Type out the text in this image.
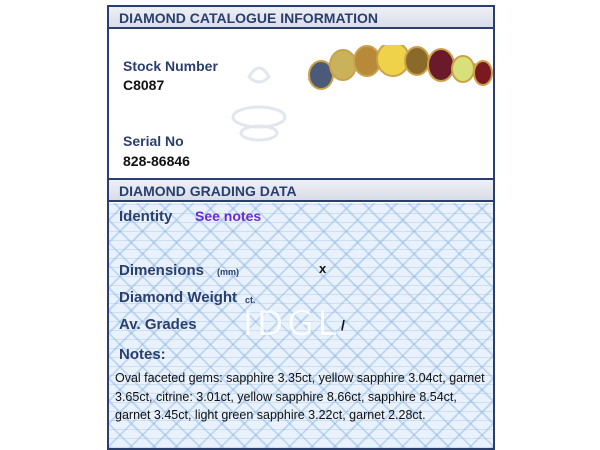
DIAMOND CATALOGUE INFORMATION
Stock Number
C8087
Serial No
828-86846
DIAMOND GRADING DATA
IDGL
Identity See notes
Dimensions (mm)	x
Diamond Weight ct.
Av. Grades	/
Notes:
Oval faceted gems: sapphire 3.35ct, yellow sapphire 3.04ct, garnet 3.65ct, citrine: 3.01ct, yellow sapphire 8.66ct, sapphire 8.54ct, garnet 3.45ct, light green sapphire 3.22ct, garnet 2.28ct.
